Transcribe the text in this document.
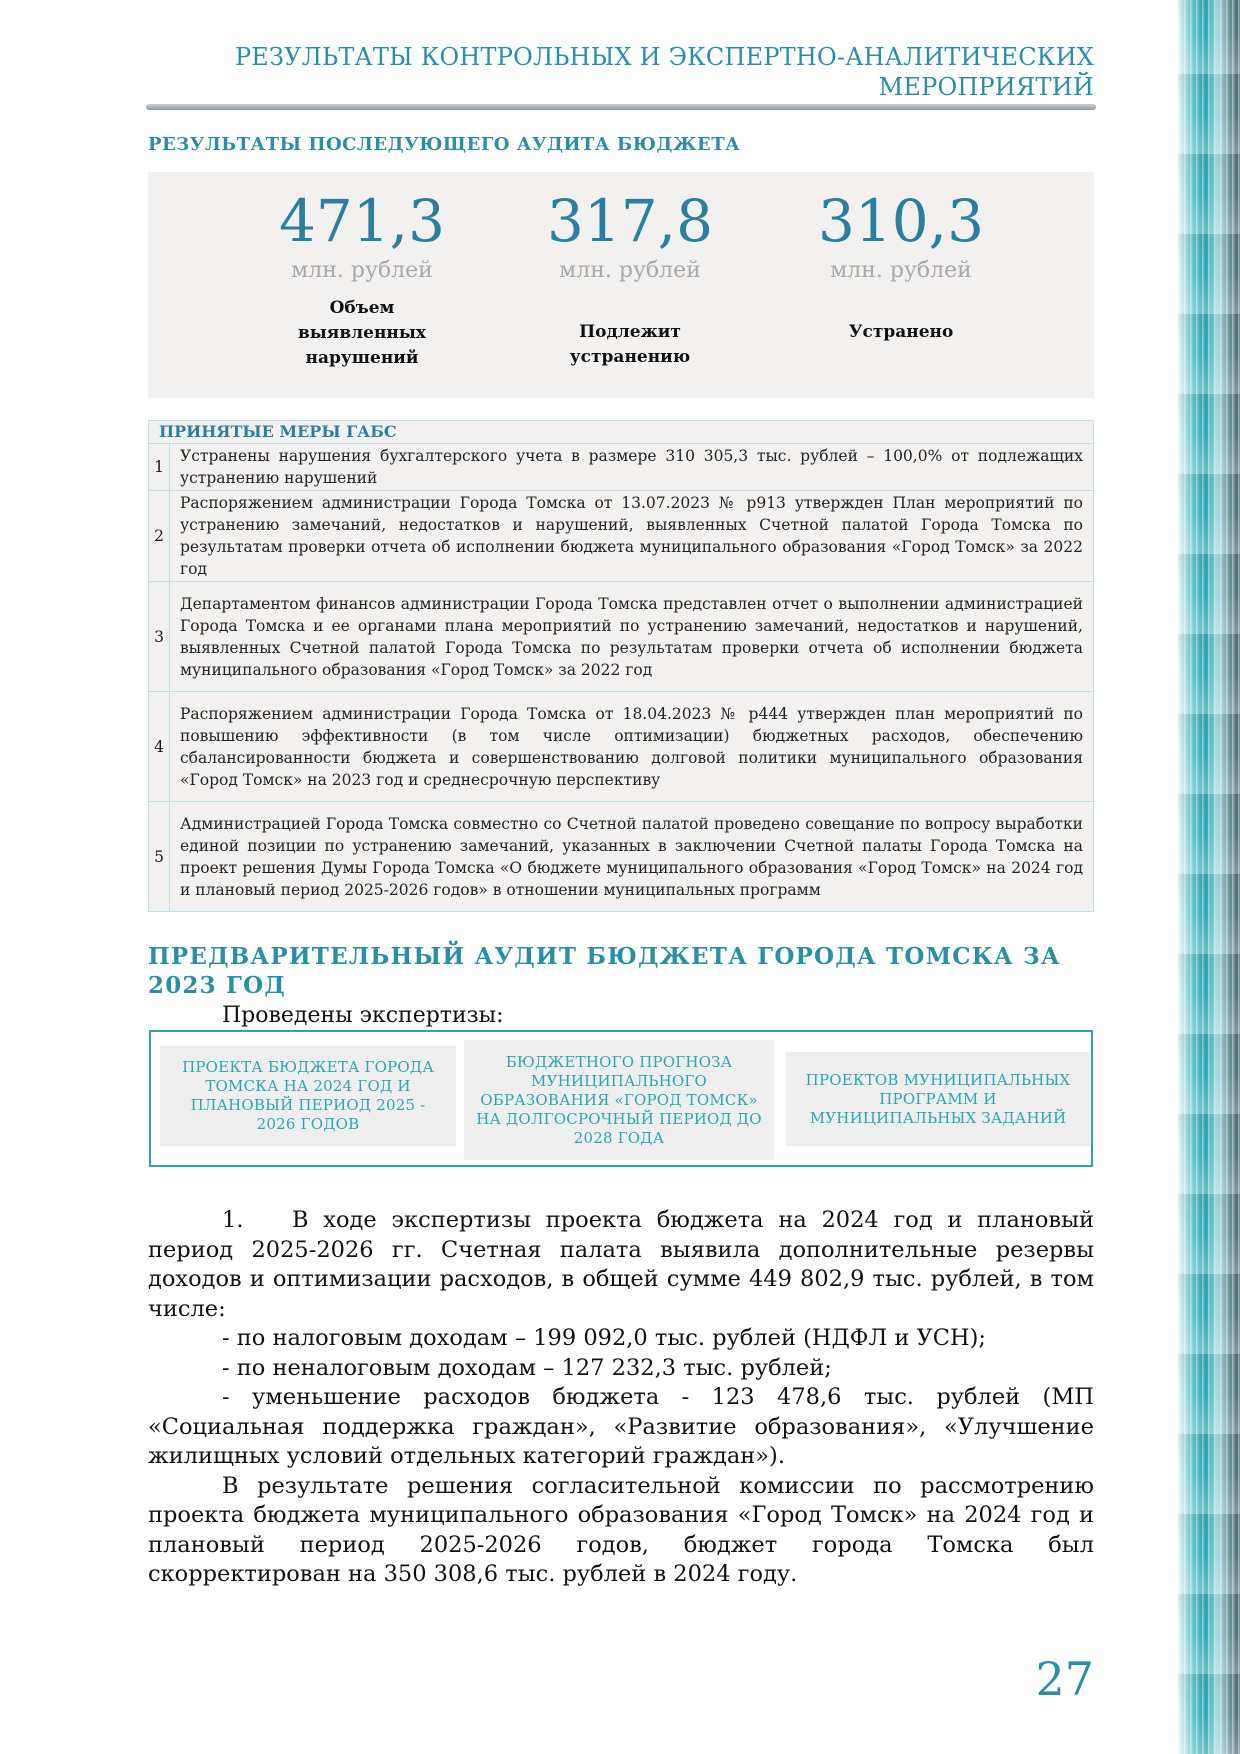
РЕЗУЛЬТАТЫ КОНТРОЛЬНЫХ И ЭКСПЕРТНО-АНАЛИТИЧЕСКИХ
МЕРОПРИЯТИЙ
РЕЗУЛЬТАТЫ ПОСЛЕДУЮЩЕГО АУДИТА БЮДЖЕТА
471,3
млн. рублей
Объем выявленных нарушений
317,8
млн. рублей
Подлежит устранению
310,3
млн. рублей
Устранено
ПРИНЯТЫЕ МЕРЫ ГАБС	
1	Устранены нарушения бухгалтерского учета в размере 310 305,3 тыс. рублей – 100,0% от подлежащих устранению нарушений
2	Распоряжением администрации Города Томска от 13.07.2023 № р913 утвержден План мероприятий по устранению замечаний, недостатков и нарушений, выявленных Счетной палатой Города Томска по результатам проверки отчета об исполнении бюджета муниципального образования «Город Томск» за 2022 год
3	Департаментом финансов администрации Города Томска представлен отчет о выполнении администрацией Города Томска и ее органами плана мероприятий по устранению замечаний, недостатков и нарушений, выявленных Счетной палатой Города Томска по результатам проверки отчета об исполнении бюджета муниципального образования «Город Томск» за 2022 год
4	Распоряжением администрации Города Томска от 18.04.2023 № р444 утвержден план мероприятий по повышению эффективности (в том числе оптимизации) бюджетных расходов, обеспечению сбалансированности бюджета и совершенствованию долговой политики муниципального образования «Город Томск» на 2023 год и среднесрочную перспективу
5	Администрацией Города Томска совместно со Счетной палатой проведено совещание по вопросу выработки единой позиции по устранению замечаний, указанных в заключении Счетной палаты Города Томска на проект решения Думы Города Томска «О бюджете муниципального образования «Город Томск» на 2024 год и плановый период 2025-2026 годов» в отношении муниципальных программ
ПРЕДВАРИТЕЛЬНЫЙ АУДИТ БЮДЖЕТА ГОРОДА ТОМСКА ЗА 2023 ГОД
Проведены экспертизы:
ПРОЕКТА БЮДЖЕТА ГОРОДА ТОМСКА НА 2024 ГОД И ПЛАНОВЫЙ ПЕРИОД 2025 - 2026 ГОДОВ
БЮДЖЕТНОГО ПРОГНОЗА МУНИЦИПАЛЬНОГО ОБРАЗОВАНИЯ «ГОРОД ТОМСК» НА ДОЛГОСРОЧНЫЙ ПЕРИОД ДО 2028 ГОДА
ПРОЕКТОВ МУНИЦИПАЛЬНЫХ ПРОГРАММ И МУНИЦИПАЛЬНЫХ ЗАДАНИЙ

1. В ходе экспертизы проекта бюджета на 2024 год и плановый период 2025-2026 гг. Счетная палата выявила дополнительные резервы доходов и оптимизации расходов, в общей сумме 449 802,9 тыс. рублей, в том числе:

- по налоговым доходам – 199 092,0 тыс. рублей (НДФЛ и УСН);

- по неналоговым доходам – 127 232,3 тыс. рублей;

- уменьшение расходов бюджета - 123 478,6 тыс. рублей (МП «Социальная поддержка граждан», «Развитие образования», «Улучшение жилищных условий отдельных категорий граждан»).

В результате решения согласительной комиссии по рассмотрению проекта бюджета муниципального образования «Город Томск» на 2024 год и плановый период 2025-2026 годов, бюджет города Томска был скорректирован на 350 308,6 тыс. рублей в 2024 году.

27
